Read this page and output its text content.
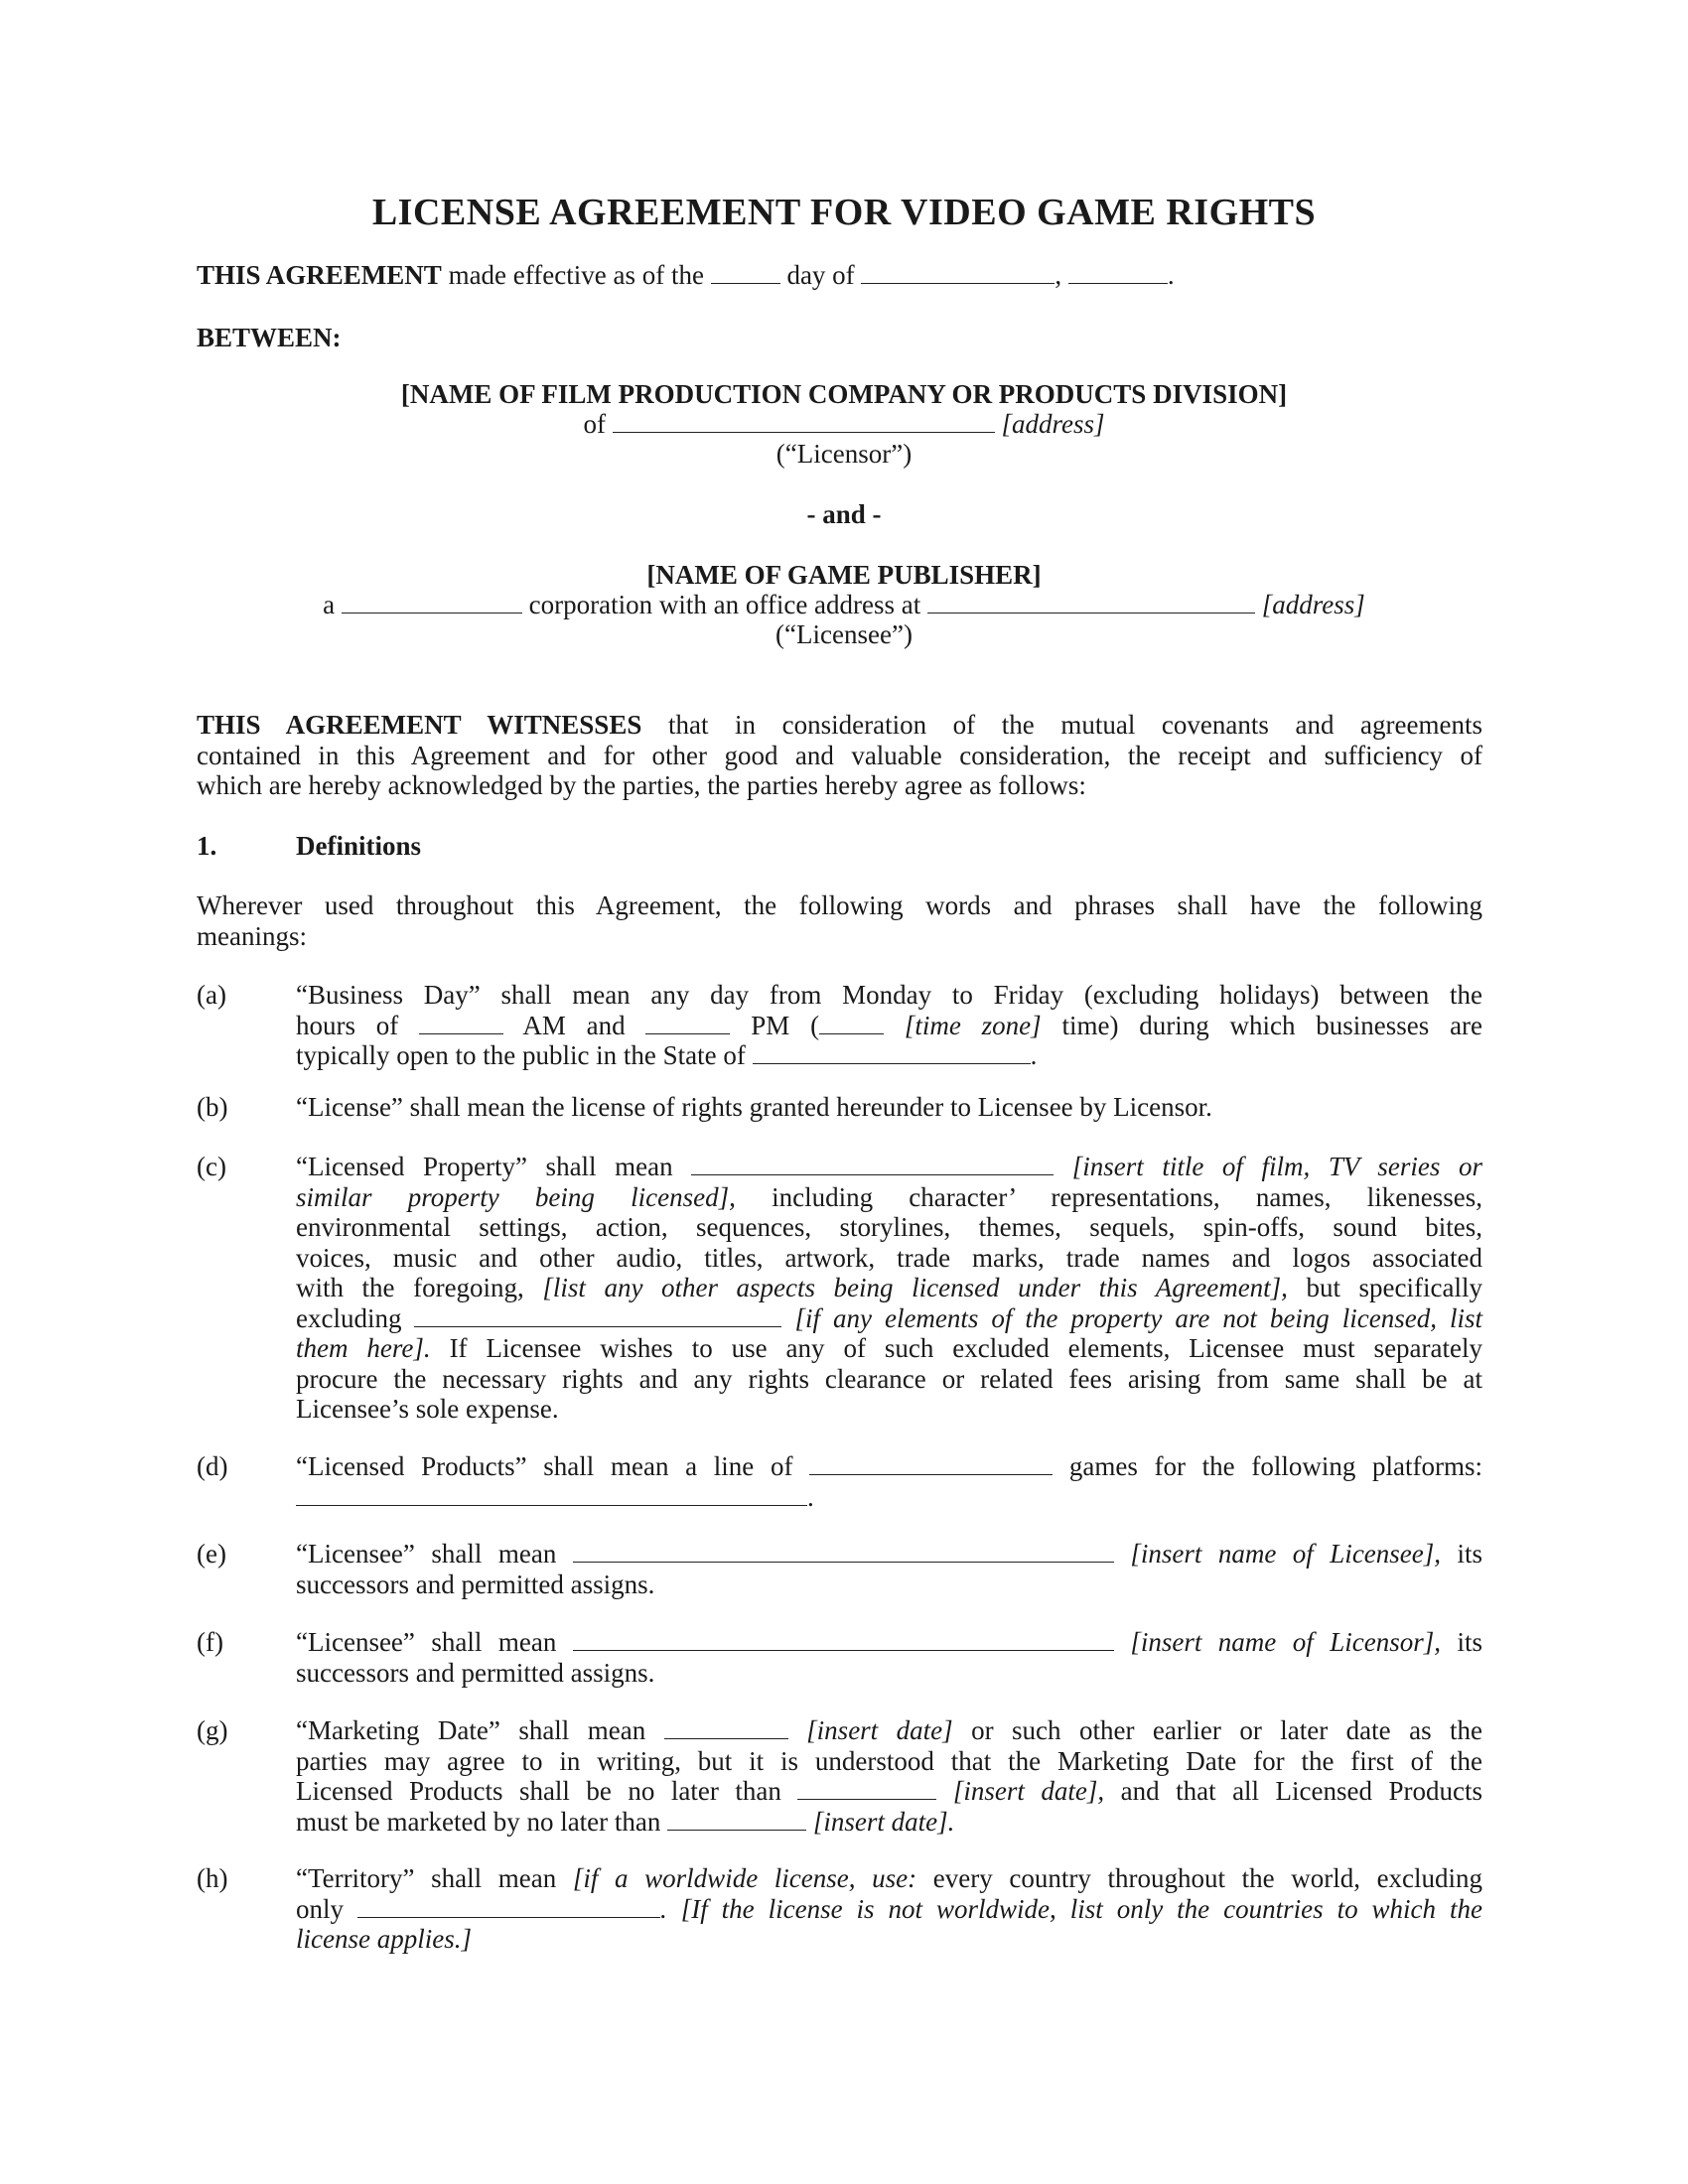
LICENSE AGREEMENT FOR VIDEO GAME RIGHTS
THIS AGREEMENT made effective as of the	day of	,	.
BETWEEN:
[NAME OF FILM PRODUCTION COMPANY OR PRODUCTS DIVISION]
of	[address]
(“Licensor”)
- and -
[NAME OF GAME PUBLISHER]
a	corporation with an office address at	[address]
(“Licensee”)
THIS AGREEMENT WITNESSES that in consideration of the mutual covenants and agreements
contained in this Agreement and for other good and valuable consideration, the receipt and sufficiency of
which are hereby acknowledged by the parties, the parties hereby agree as follows:
1.	Definitions
Wherever used throughout this Agreement, the following words and phrases shall have the following
meanings:
(a)	“Business Day” shall mean any day from Monday to Friday (excluding holidays) between the
hours of	AM and	PM (	[time zone] time) during which businesses are
typically open to the public in the State of	.
(b)	“License” shall mean the license of rights granted hereunder to Licensee by Licensor.
(c)	“Licensed Property” shall mean	[insert title of film, TV series or
similar property being licensed], including character’ representations, names, likenesses,
environmental settings, action, sequences, storylines, themes, sequels, spin-offs, sound bites,
voices, music and other audio, titles, artwork, trade marks, trade names and logos associated
with the foregoing, [list any other aspects being licensed under this Agreement], but specifically
excluding	[if any elements of the property are not being licensed, list
them here]. If Licensee wishes to use any of such excluded elements, Licensee must separately
procure the necessary rights and any rights clearance or related fees arising from same shall be at
Licensee’s sole expense.
(d)	“Licensed Products” shall mean a line of	games for the following platforms:
.
(e)	“Licensee” shall mean	[insert name of Licensee], its
successors and permitted assigns.
(f)	“Licensee” shall mean	[insert name of Licensor], its
successors and permitted assigns.
(g)	“Marketing Date” shall mean	[insert date] or such other earlier or later date as the
parties may agree to in writing, but it is understood that the Marketing Date for the first of the
Licensed Products shall be no later than	[insert date], and that all Licensed Products
must be marketed by no later than	[insert date].
(h)	“Territory” shall mean [if a worldwide license, use: every country throughout the world, excluding
only	. [If the license is not worldwide, list only the countries to which the
license applies.]
